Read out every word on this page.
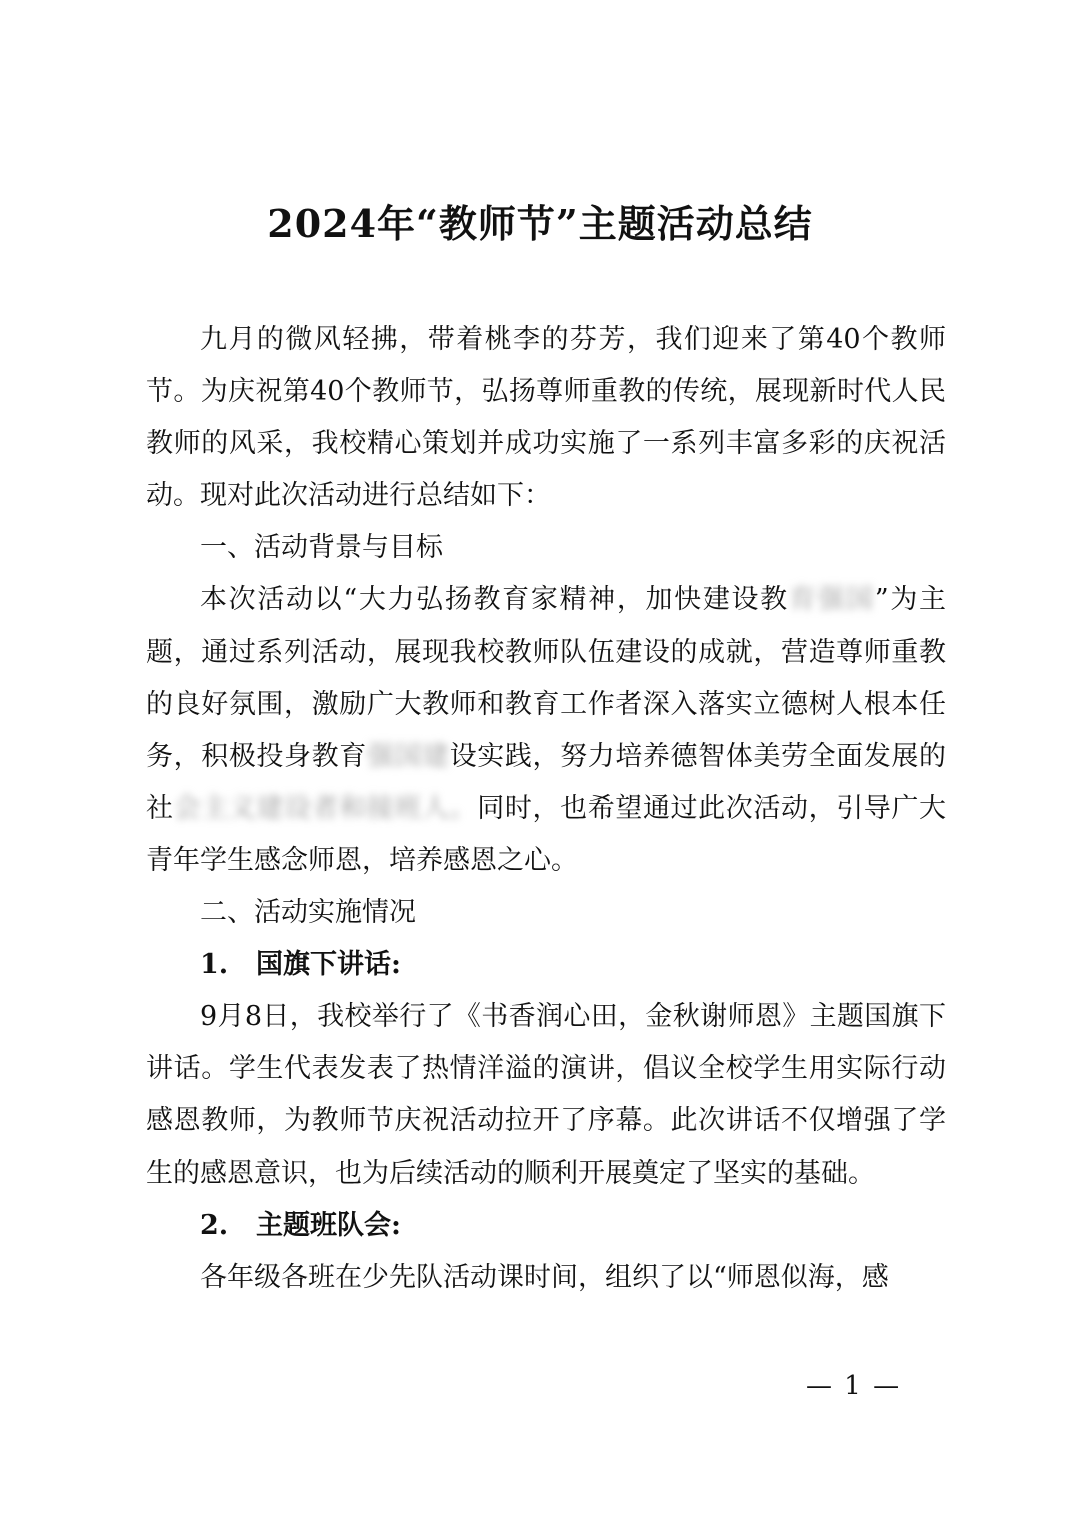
2024年“教师节”主题活动总结

九月的微风轻拂，带着桃李的芬芳，我们迎来了第40个教师节。为庆祝第40个教师节，弘扬尊师重教的传统，展现新时代人民教师的风采，我校精心策划并成功实施了一系列丰富多彩的庆祝活动。现对此次活动进行总结如下：

一、活动背景与目标

本次活动以“大力弘扬教育家精神，加快建设教育强国”为主题，通过系列活动，展现我校教师队伍建设的成就，营造尊师重教的良好氛围，激励广大教师和教育工作者深入落实立德树人根本任务，积极投身教育强国建设实践，努力培养德智体美劳全面发展的社会主义建设者和接班人。同时，也希望通过此次活动，引导广大青年学生感念师恩，培养感恩之心。

二、活动实施情况

1. 国旗下讲话:

9月8日，我校举行了《书香润心田，金秋谢师恩》主题国旗下讲话。学生代表发表了热情洋溢的演讲，倡议全校学生用实际行动感恩教师，为教师节庆祝活动拉开了序幕。此次讲话不仅增强了学生的感恩意识，也为后续活动的顺利开展奠定了坚实的基础。

2. 主题班队会:

各年级各班在少先队活动课时间，组织了以“师恩似海，感

— 1 —
